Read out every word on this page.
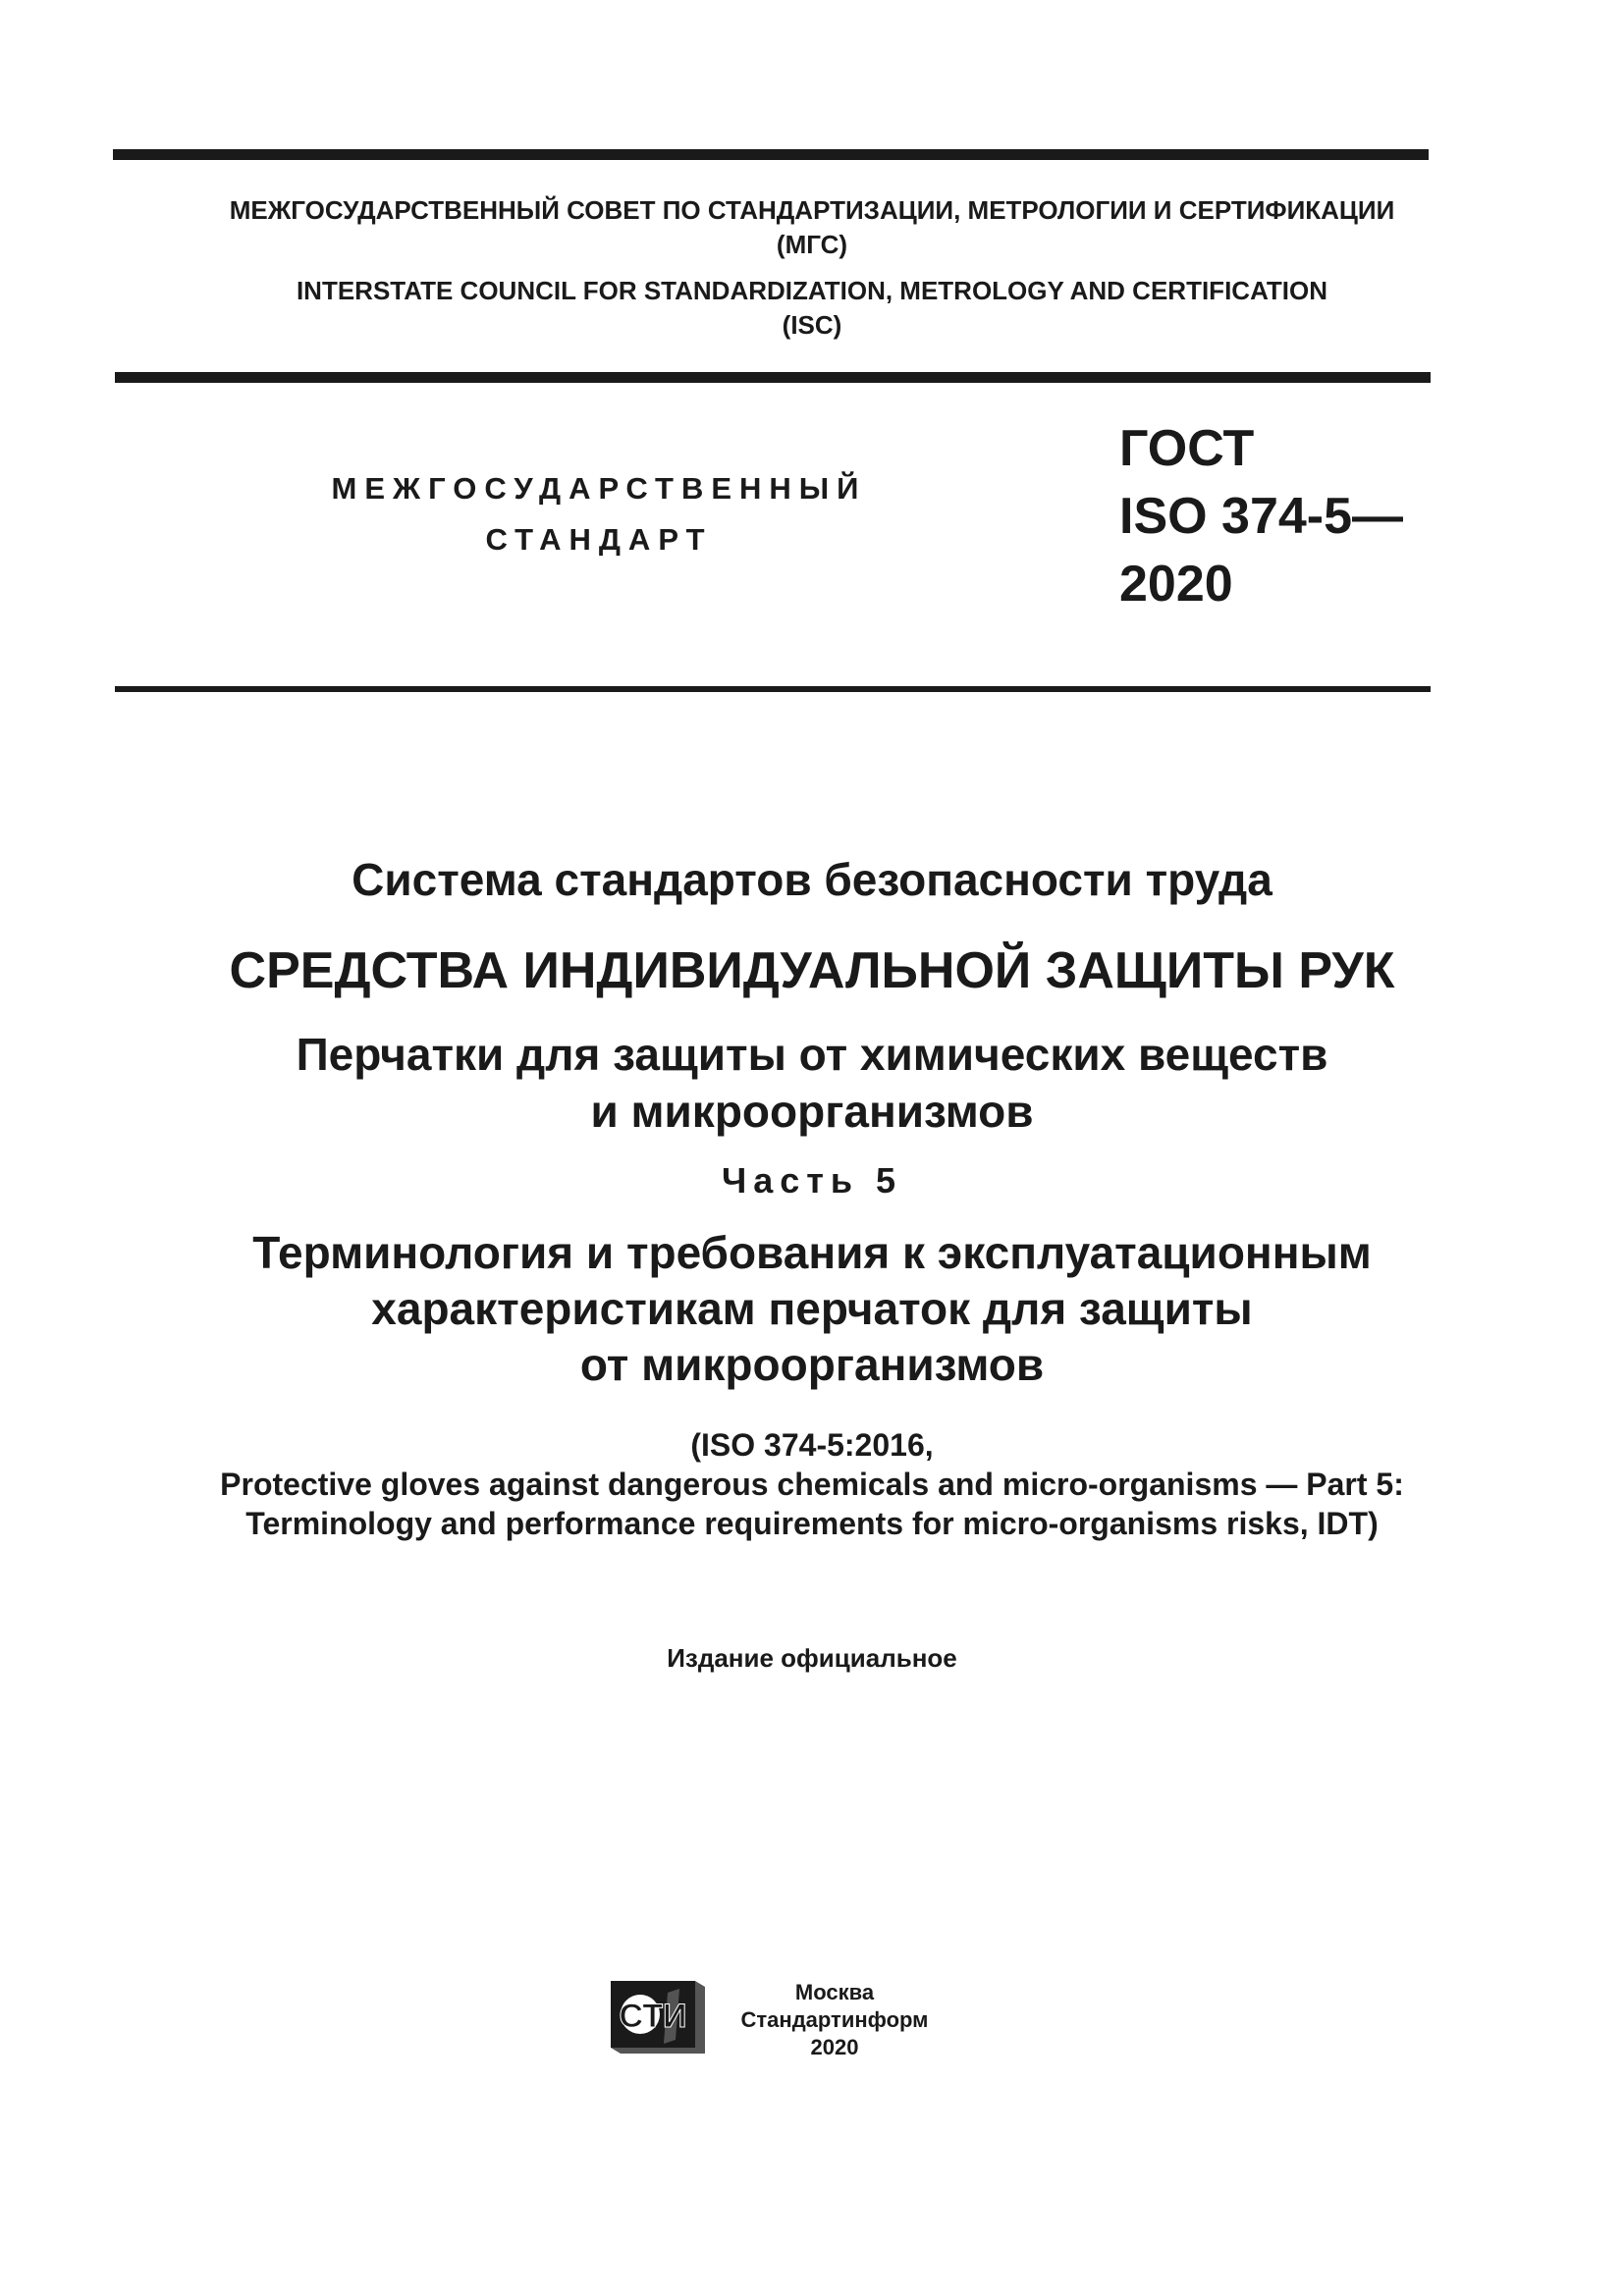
МЕЖГОСУДАРСТВЕННЫЙ СОВЕТ ПО СТАНДАРТИЗАЦИИ, МЕТРОЛОГИИ И СЕРТИФИКАЦИИ
(МГС)
INTERSTATE COUNCIL FOR STANDARDIZATION, METROLOGY AND CERTIFICATION
(ISC)
МЕЖГОСУДАРСТВЕННЫЙ
СТАНДАРТ
ГОСТ
ISO 374-5—
2020
Система стандартов безопасности труда
СРЕДСТВА ИНДИВИДУАЛЬНОЙ ЗАЩИТЫ РУК
Перчатки для защиты от химических веществ
и микроорганизмов
Часть 5
Терминология и требования к эксплуатационным
характеристикам перчаток для защиты
от микроорганизмов
(ISO 374-5:2016,
Protective gloves against dangerous chemicals and micro-organisms — Part 5:
Terminology and performance requirements for micro-organisms risks, IDT)
Издание официальное
СТИ
Москва
Стандартинформ
2020
